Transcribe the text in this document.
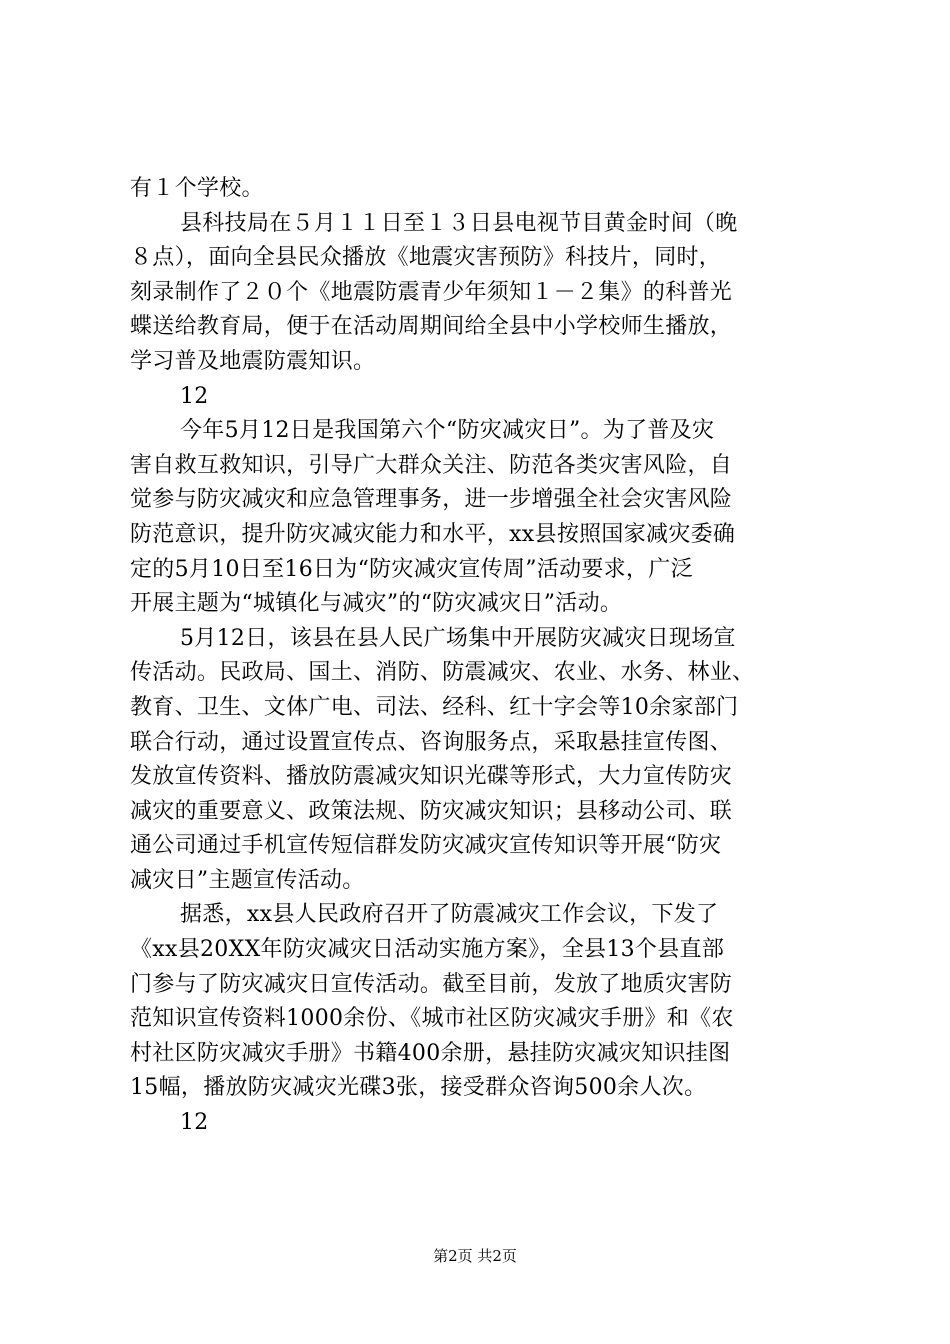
有１个学校。
县科技局在５月１１日至１３日县电视节目黄金时间（晚
８点），面向全县民众播放《地震灾害预防》科技片，同时，
刻录制作了２０个《地震防震青少年须知１－２集》的科普光
蝶送给教育局，便于在活动周期间给全县中小学校师生播放，
学习普及地震防震知识。
12
今年5月12日是我国第六个“防灾减灾日”。为了普及灾
害自救互救知识，引导广大群众关注、防范各类灾害风险，自
觉参与防灾减灾和应急管理事务，进一步增强全社会灾害风险
防范意识，提升防灾减灾能力和水平，xx县按照国家减灾委确
定的5月10日至16日为“防灾减灾宣传周”活动要求，广泛
开展主题为“城镇化与减灾”的“防灾减灾日”活动。
5月12日，该县在县人民广场集中开展防灾减灾日现场宣
传活动。民政局、国土、消防、防震减灾、农业、水务、林业、
教育、卫生、文体广电、司法、经科、红十字会等10余家部门
联合行动，通过设置宣传点、咨询服务点，采取悬挂宣传图、
发放宣传资料、播放防震减灾知识光碟等形式，大力宣传防灾
减灾的重要意义、政策法规、防灾减灾知识；县移动公司、联
通公司通过手机宣传短信群发防灾减灾宣传知识等开展“防灾
减灾日”主题宣传活动。
据悉，xx县人民政府召开了防震减灾工作会议，下发了
《xx县20XX年防灾减灾日活动实施方案》，全县13个县直部
门参与了防灾减灾日宣传活动。截至目前，发放了地质灾害防
范知识宣传资料1000余份、《城市社区防灾减灾手册》和《农
村社区防灾减灾手册》书籍400余册，悬挂防灾减灾知识挂图
15幅，播放防灾减灾光碟3张，接受群众咨询500余人次。
12
第2页 共2页
